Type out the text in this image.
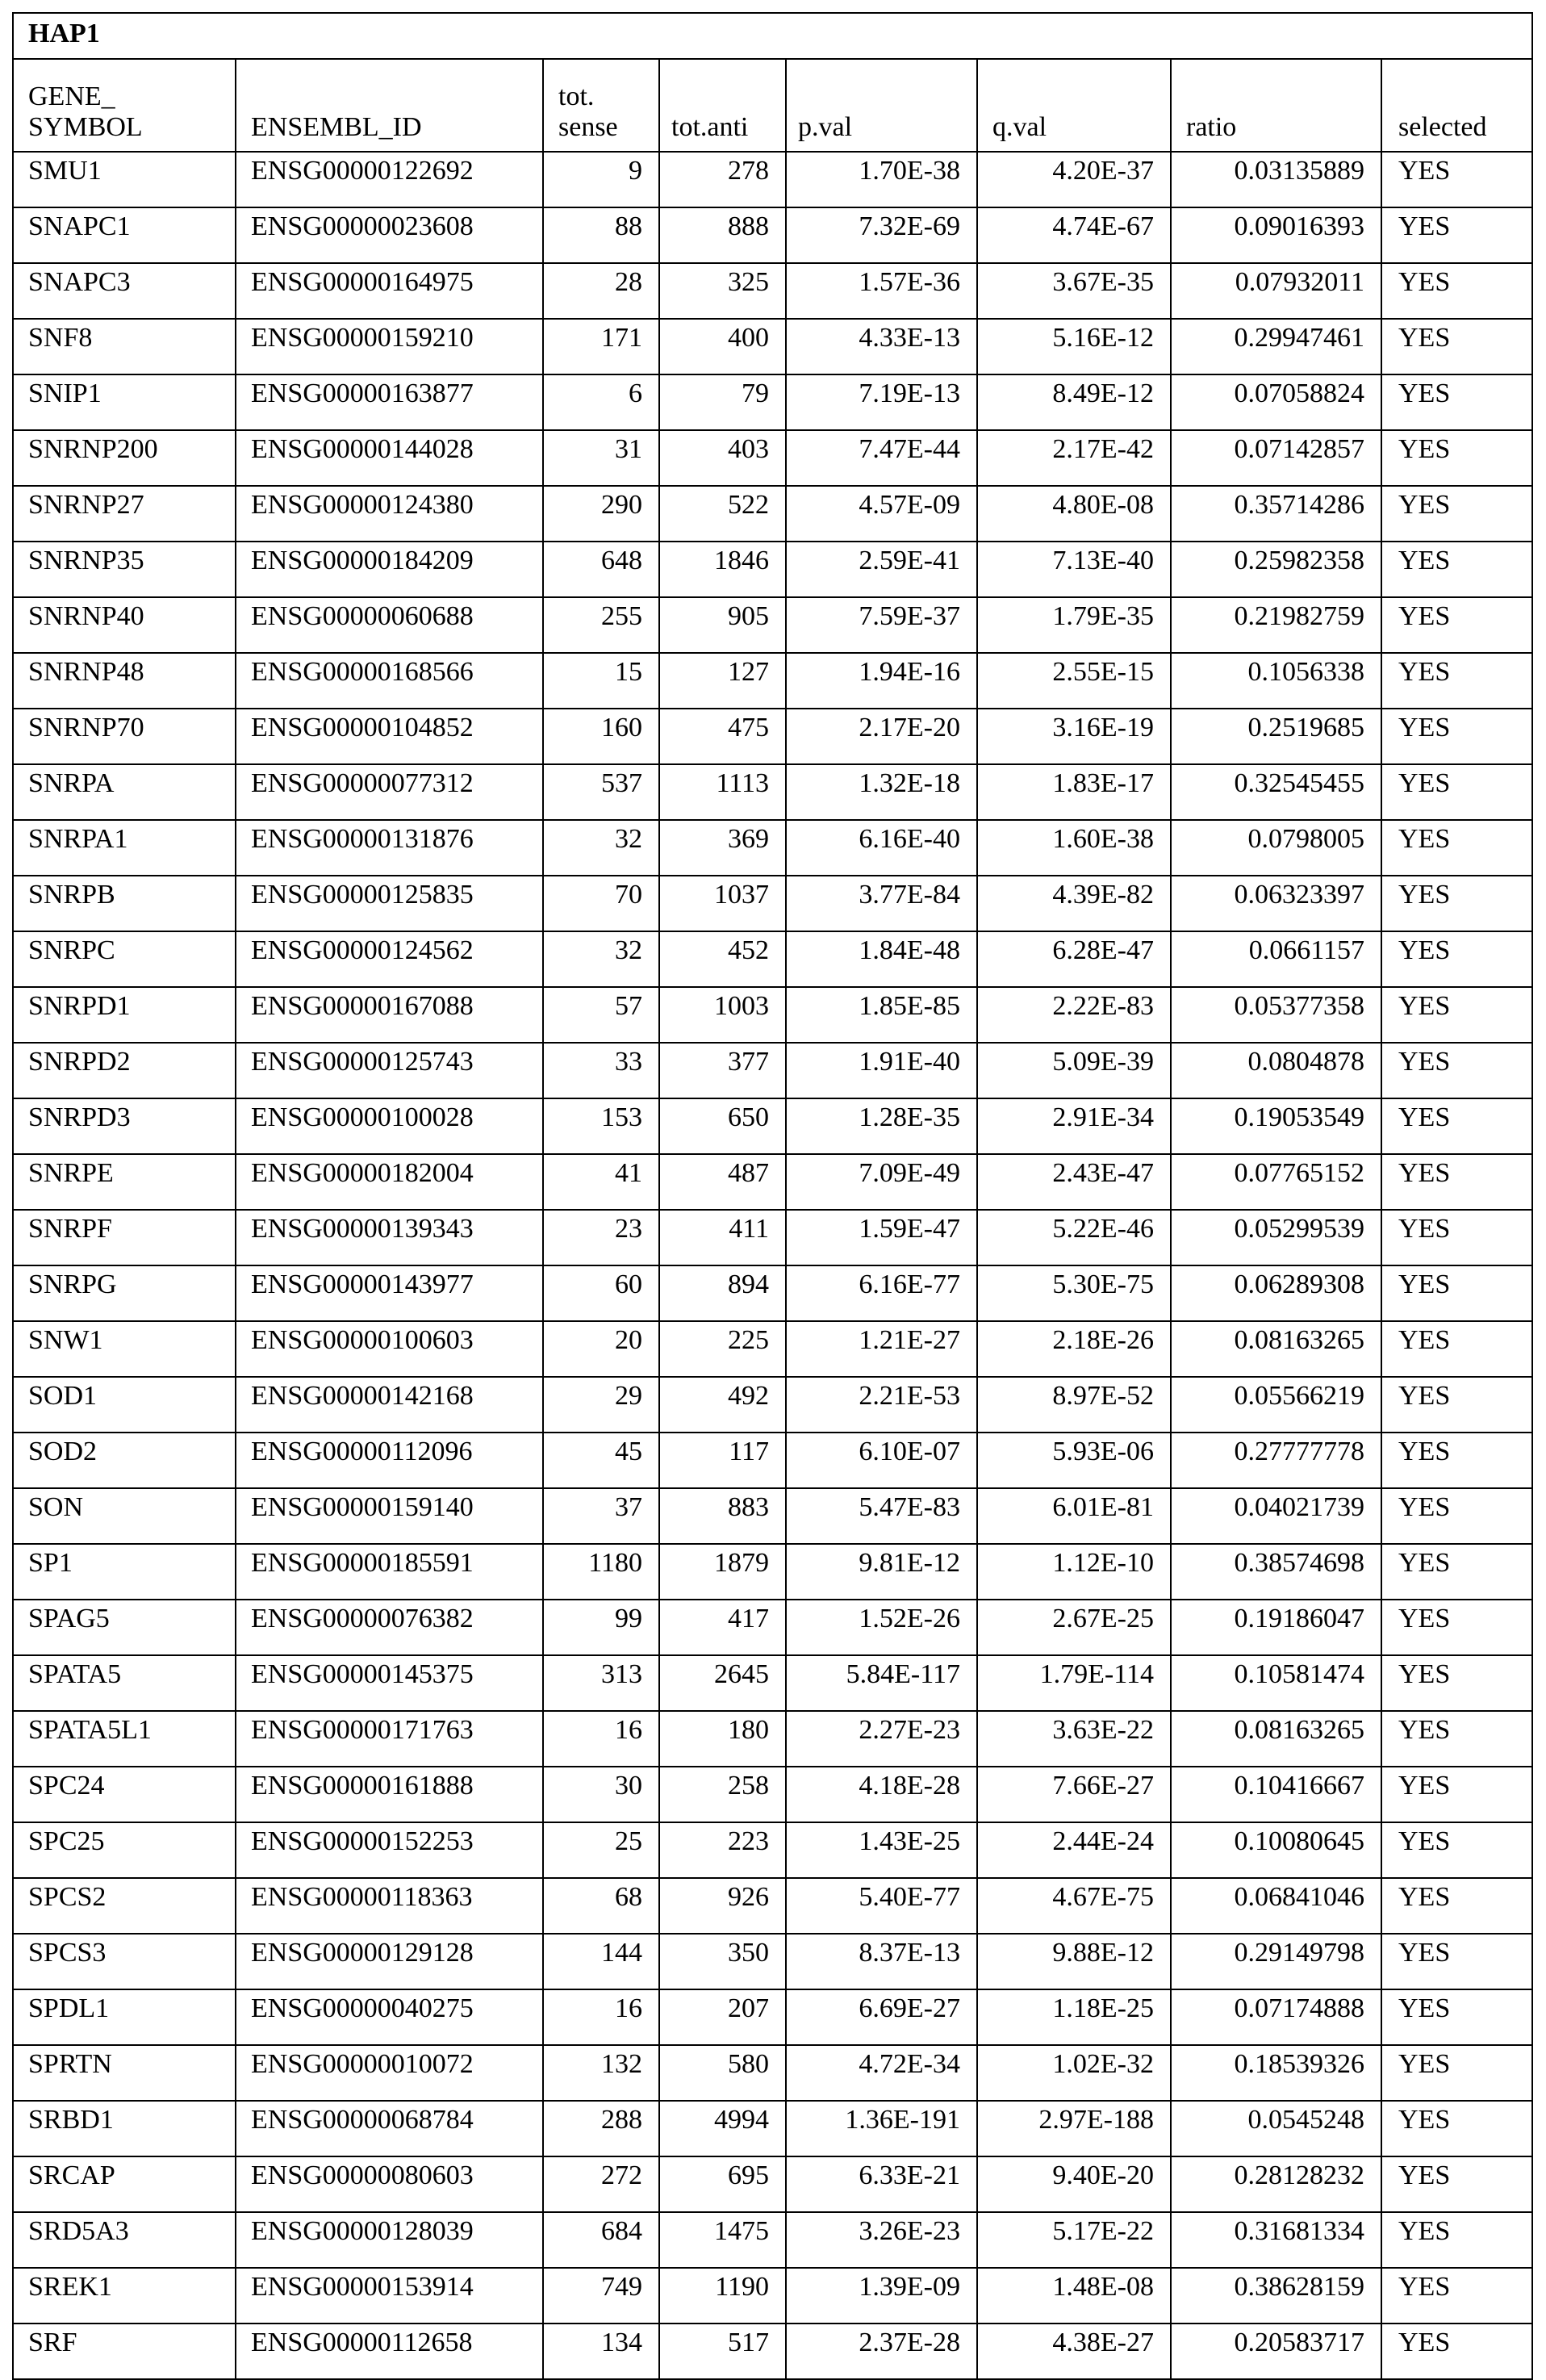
HAP1
GENE_ SYMBOL	ENSEMBL_ID	tot. sense	tot.anti	p.val	q.val	ratio	selected
SMU1	ENSG00000122692	9	278	1.70E-38	4.20E-37	0.03135889	YES
SNAPC1	ENSG00000023608	88	888	7.32E-69	4.74E-67	0.09016393	YES
SNAPC3	ENSG00000164975	28	325	1.57E-36	3.67E-35	0.07932011	YES
SNF8	ENSG00000159210	171	400	4.33E-13	5.16E-12	0.29947461	YES
SNIP1	ENSG00000163877	6	79	7.19E-13	8.49E-12	0.07058824	YES
SNRNP200	ENSG00000144028	31	403	7.47E-44	2.17E-42	0.07142857	YES
SNRNP27	ENSG00000124380	290	522	4.57E-09	4.80E-08	0.35714286	YES
SNRNP35	ENSG00000184209	648	1846	2.59E-41	7.13E-40	0.25982358	YES
SNRNP40	ENSG00000060688	255	905	7.59E-37	1.79E-35	0.21982759	YES
SNRNP48	ENSG00000168566	15	127	1.94E-16	2.55E-15	0.1056338	YES
SNRNP70	ENSG00000104852	160	475	2.17E-20	3.16E-19	0.2519685	YES
SNRPA	ENSG00000077312	537	1113	1.32E-18	1.83E-17	0.32545455	YES
SNRPA1	ENSG00000131876	32	369	6.16E-40	1.60E-38	0.0798005	YES
SNRPB	ENSG00000125835	70	1037	3.77E-84	4.39E-82	0.06323397	YES
SNRPC	ENSG00000124562	32	452	1.84E-48	6.28E-47	0.0661157	YES
SNRPD1	ENSG00000167088	57	1003	1.85E-85	2.22E-83	0.05377358	YES
SNRPD2	ENSG00000125743	33	377	1.91E-40	5.09E-39	0.0804878	YES
SNRPD3	ENSG00000100028	153	650	1.28E-35	2.91E-34	0.19053549	YES
SNRPE	ENSG00000182004	41	487	7.09E-49	2.43E-47	0.07765152	YES
SNRPF	ENSG00000139343	23	411	1.59E-47	5.22E-46	0.05299539	YES
SNRPG	ENSG00000143977	60	894	6.16E-77	5.30E-75	0.06289308	YES
SNW1	ENSG00000100603	20	225	1.21E-27	2.18E-26	0.08163265	YES
SOD1	ENSG00000142168	29	492	2.21E-53	8.97E-52	0.05566219	YES
SOD2	ENSG00000112096	45	117	6.10E-07	5.93E-06	0.27777778	YES
SON	ENSG00000159140	37	883	5.47E-83	6.01E-81	0.04021739	YES
SP1	ENSG00000185591	1180	1879	9.81E-12	1.12E-10	0.38574698	YES
SPAG5	ENSG00000076382	99	417	1.52E-26	2.67E-25	0.19186047	YES
SPATA5	ENSG00000145375	313	2645	5.84E-117	1.79E-114	0.10581474	YES
SPATA5L1	ENSG00000171763	16	180	2.27E-23	3.63E-22	0.08163265	YES
SPC24	ENSG00000161888	30	258	4.18E-28	7.66E-27	0.10416667	YES
SPC25	ENSG00000152253	25	223	1.43E-25	2.44E-24	0.10080645	YES
SPCS2	ENSG00000118363	68	926	5.40E-77	4.67E-75	0.06841046	YES
SPCS3	ENSG00000129128	144	350	8.37E-13	9.88E-12	0.29149798	YES
SPDL1	ENSG00000040275	16	207	6.69E-27	1.18E-25	0.07174888	YES
SPRTN	ENSG00000010072	132	580	4.72E-34	1.02E-32	0.18539326	YES
SRBD1	ENSG00000068784	288	4994	1.36E-191	2.97E-188	0.0545248	YES
SRCAP	ENSG00000080603	272	695	6.33E-21	9.40E-20	0.28128232	YES
SRD5A3	ENSG00000128039	684	1475	3.26E-23	5.17E-22	0.31681334	YES
SREK1	ENSG00000153914	749	1190	1.39E-09	1.48E-08	0.38628159	YES
SRF	ENSG00000112658	134	517	2.37E-28	4.38E-27	0.20583717	YES
